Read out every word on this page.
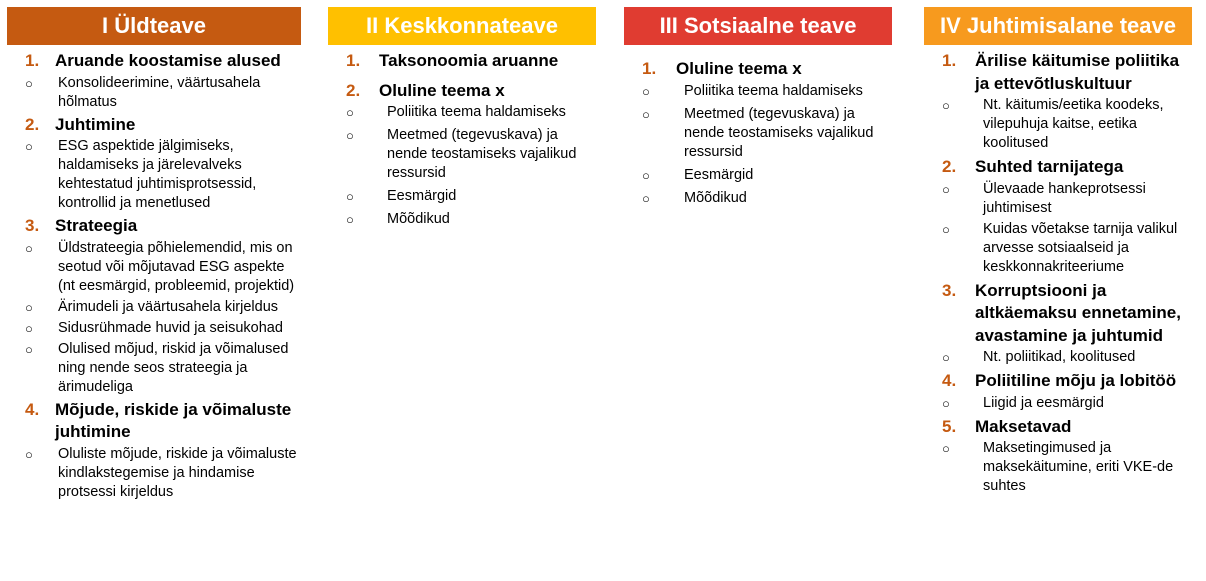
I Üldteave
1. Aruande koostamise alused
○	Konsolideerimine, väärtusahela hõlmatus
2. Juhtimine
○	ESG aspektide jälgimiseks, haldamiseks ja järelevalveks kehtestatud juhtimisprotsessid, kontrollid ja menetlused
3. Strateegia
○	Üldstrateegia põhielemendid, mis on seotud või mõjutavad ESG aspekte (nt eesmärgid, probleemid, projektid)
○	Ärimudeli ja väärtusahela kirjeldus
○	Sidusrühmade huvid ja seisukohad
○	Olulised mõjud, riskid ja võimalused ning nende seos strateegia ja ärimudeliga
4. Mõjude, riskide ja võimaluste juhtimine
○	Oluliste mõjude, riskide ja võimaluste kindlakstegemise ja hindamise protsessi kirjeldus
II Keskkonnateave
1.	Taksonoomia aruanne
2.	Oluline teema x
○	Poliitika teema haldamiseks
○	Meetmed (tegevuskava) ja nende teostamiseks vajalikud ressursid
○	Eesmärgid
○	Mõõdikud
III Sotsiaalne teave
1.	Oluline teema x
○	Poliitika teema haldamiseks
○	Meetmed (tegevuskava) ja nende teostamiseks vajalikud ressursid
○	Eesmärgid
○	Mõõdikud
IV Juhtimisalane teave
1.	Ärilise käitumise poliitika ja ettevõtluskultuur
○	Nt. käitumis/eetika koodeks, vilepuhuja kaitse, eetika koolitused
2.	Suhted tarnijatega
○	Ülevaade hankeprotsessi juhtimisest
○	Kuidas võetakse tarnija valikul arvesse sotsiaalseid ja keskkonnakriteeriume
3.	Korruptsiooni ja altkäemaksu ennetamine, avastamine ja juhtumid
○	Nt. poliitikad, koolitused
4.	Poliitiline mõju ja lobitöö
○	Liigid ja eesmärgid
5.	Maksetavad
○	Maksetingimused ja maksekäitumine, eriti VKE-de suhtes
